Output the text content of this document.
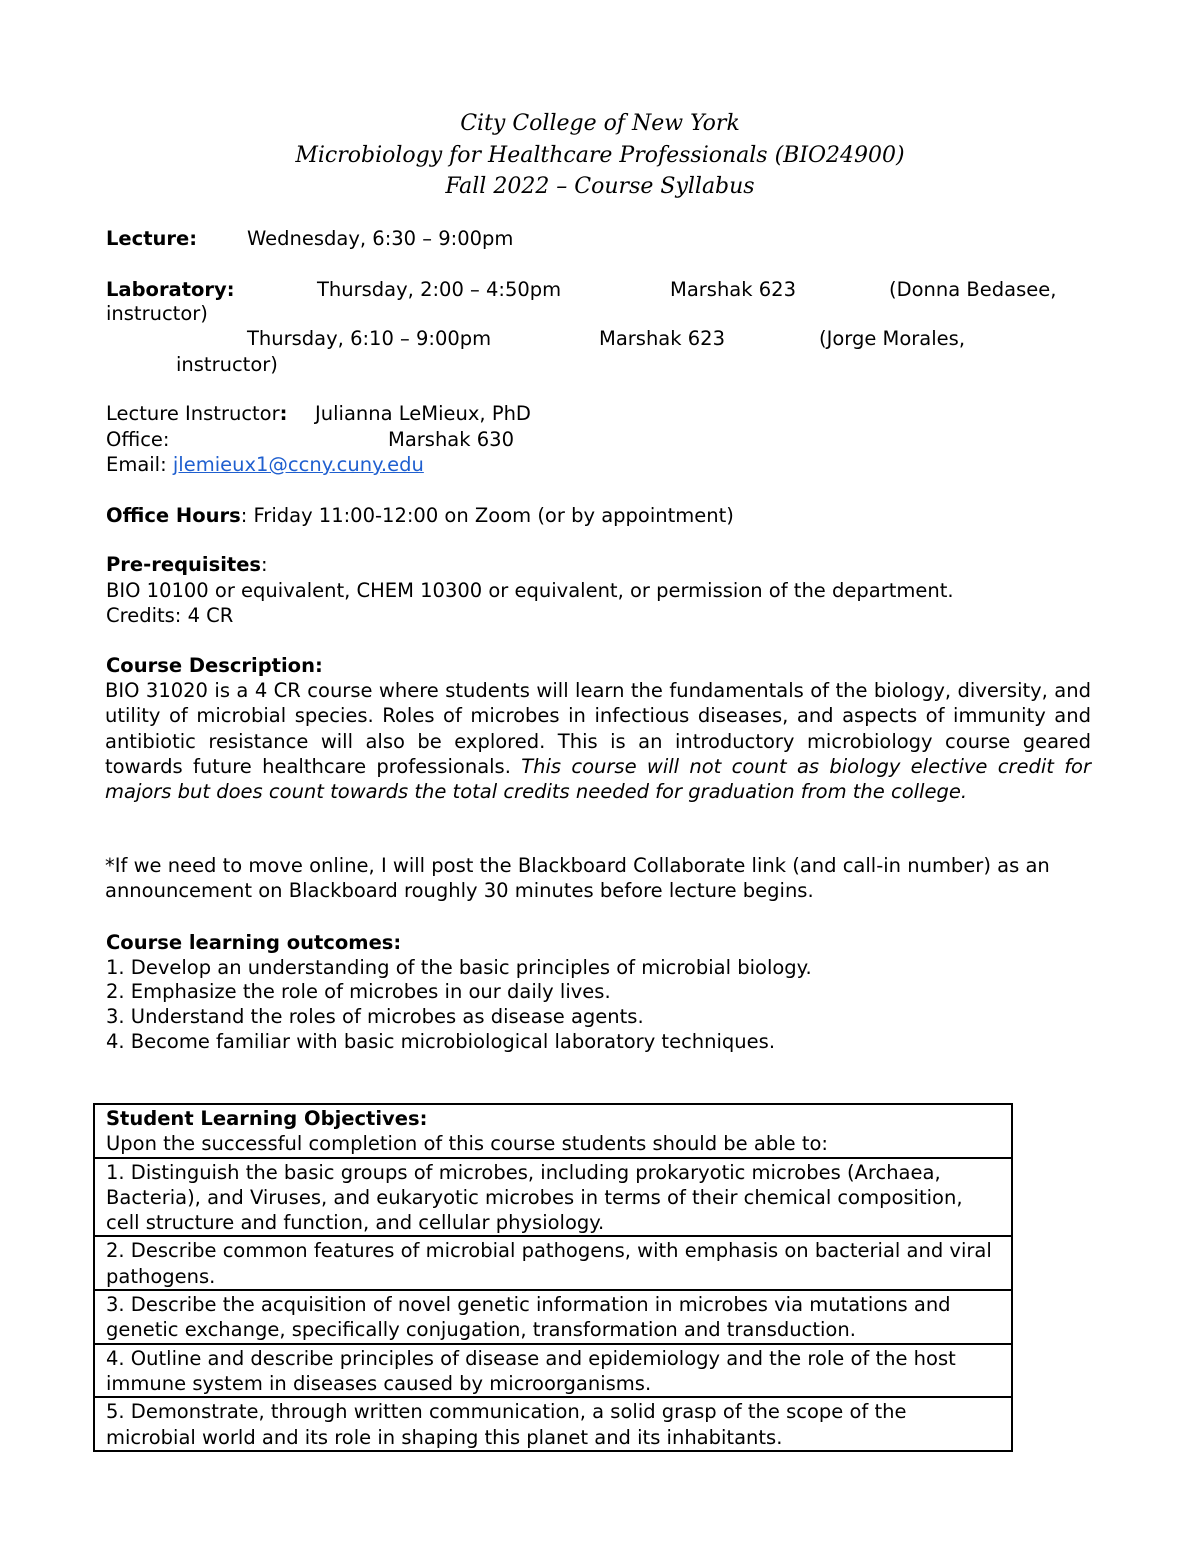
City College of New York
Microbiology for Healthcare Professionals (BIO24900)
Fall 2022 – Course Syllabus
Lecture:	Wednesday, 6:30 – 9:00pm
Laboratory:	Thursday, 2:00 – 4:50pm	Marshak 623	(Donna Bedasee,
instructor)
Thursday, 6:10 – 9:00pm	Marshak 623	(Jorge Morales,
instructor)
Lecture Instructor: Julianna LeMieux, PhD
Office:	Marshak 630
Email: jlemieux1@ccny.cuny.edu
Office Hours: Friday 11:00-12:00 on Zoom (or by appointment)
Pre-requisites:
BIO 10100 or equivalent, CHEM 10300 or equivalent, or permission of the department.
Credits: 4 CR
Course Description:
BIO 31020 is a 4 CR course where students will learn the fundamentals of the biology, diversity, and utility of microbial species. Roles of microbes in infectious diseases, and aspects of immunity and antibiotic resistance will also be explored. This is an introductory microbiology course geared towards future healthcare professionals. This course will not count as biology elective credit for majors but does count towards the total credits needed for graduation from the college.
*If we need to move online, I will post the Blackboard Collaborate link (and call-in number) as an announcement on Blackboard roughly 30 minutes before lecture begins.
Course learning outcomes:
1. Develop an understanding of the basic principles of microbial biology.
2. Emphasize the role of microbes in our daily lives.
3. Understand the roles of microbes as disease agents.
4. Become familiar with basic microbiological laboratory techniques.
Student Learning Objectives:
Upon the successful completion of this course students should be able to:
1. Distinguish the basic groups of microbes, including prokaryotic microbes (Archaea, Bacteria), and Viruses, and eukaryotic microbes in terms of their chemical composition, cell structure and function, and cellular physiology.
2. Describe common features of microbial pathogens, with emphasis on bacterial and viral pathogens.
3. Describe the acquisition of novel genetic information in microbes via mutations and genetic exchange, specifically conjugation, transformation and transduction.
4. Outline and describe principles of disease and epidemiology and the role of the host immune system in diseases caused by microorganisms.
5. Demonstrate, through written communication, a solid grasp of the scope of the microbial world and its role in shaping this planet and its inhabitants.
